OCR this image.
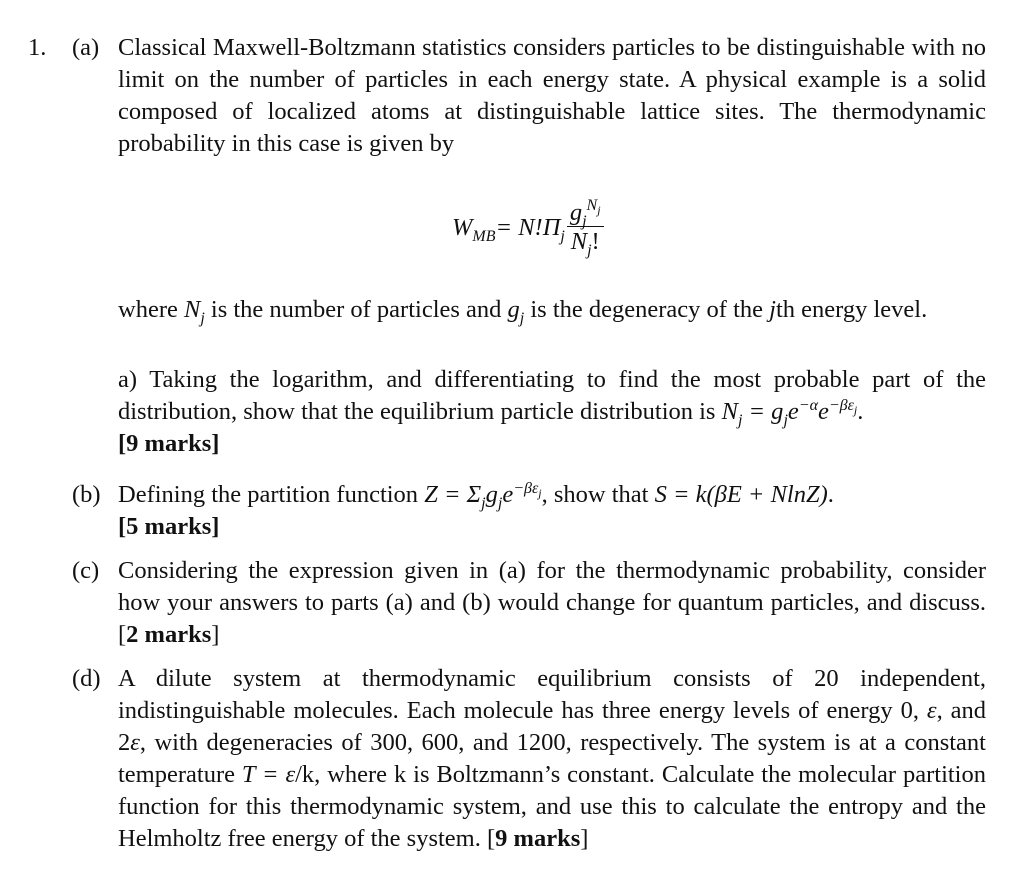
1. (a) Classical Maxwell-Boltzmann statistics considers particles to be distinguishable with no limit on the number of particles in each energy state. A physical example is a solid composed of localized atoms at distinguishable lattice sites. The thermodynamic probability in this case is given by

$W_{MB} = N!\Pi_j \frac{g_j^{N_j}}{N_j!}$

where $N_j$ is the number of particles and $g_j$ is the degeneracy of the jth energy level.

a) Taking the logarithm, and differentiating to find the most probable part of the distribution, show that the equilibrium particle distribution is $N_j = g_je^{-\alpha}e^{-\beta\varepsilon_j}$.
[9 marks]

(b) Defining the partition function $Z = \Sigma_jg_je^{-\beta\varepsilon_j}$, show that S = k(βE + NlnZ).
[5 marks]

(c) Considering the expression given in (a) for the thermodynamic probability, consider how your answers to parts (a) and (b) would change for quantum particles, and discuss. [2 marks]

(d) A dilute system at thermodynamic equilibrium consists of 20 independent, indistinguishable molecules. Each molecule has three energy levels of energy 0, ε, and 2ε, with degeneracies of 300, 600, and 1200, respectively. The system is at a constant temperature T = ε/k, where k is Boltzmann’s constant. Calculate the molecular partition function for this thermodynamic system, and use this to calculate the entropy and the Helmholtz free energy of the system. [9 marks]
